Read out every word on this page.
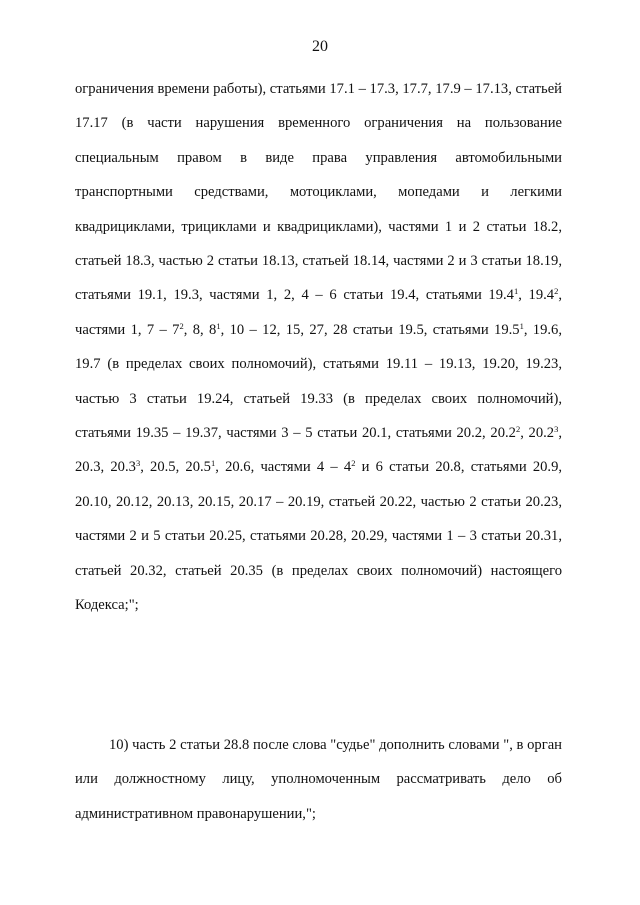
20
ограничения времени работы), статьями 17.1 – 17.3, 17.7, 17.9 – 17.13, статьей 17.17 (в части нарушения временного ограничения на пользование специальным правом в виде права управления автомобильными транспортными средствами, мотоциклами, мопедами и легкими квадрициклами, трициклами и квадрициклами), частями 1 и 2 статьи 18.2, статьей 18.3, частью 2 статьи 18.13, статьей 18.14, частями 2 и 3 статьи 18.19, статьями 19.1, 19.3, частями 1, 2, 4 – 6 статьи 19.4, статьями 19.4$^1$, 19.4$^2$, частями 1, $7 - 7^2$, 8, $8^1$, 10 – 12, 15, 27, 28 статьи 19.5, статьями 19.5$^1$, 19.6, 19.7 (в пределах своих полномочий), статьями 19.11 – 19.13, 19.20, 19.23, частью 3 статьи 19.24, статьей 19.33 (в пределах своих полномочий), статьями 19.35 – 19.37, частями 3 – 5 статьи 20.1, статьями 20.2, 20.2$^2$, 20.2$^3$, 20.3, 20.3$^3$, 20.5, 20.5$^1$, 20.6, частями $4 - 4^2$ и 6 статьи 20.8, статьями 20.9, 20.10, 20.12, 20.13, 20.15, 20.17 – 20.19, статьей 20.22, частью 2 статьи 20.23, частями 2 и 5 статьи 20.25, статьями 20.28, 20.29, частями 1 – 3 статьи 20.31, статьей 20.32, статьей 20.35 (в пределах своих полномочий) настоящего Кодекса;";
10) часть 2 статьи 28.8 после слова "судье" дополнить словами ", в орган или должностному лицу, уполномоченным рассматривать дело об административном правонарушении,";
